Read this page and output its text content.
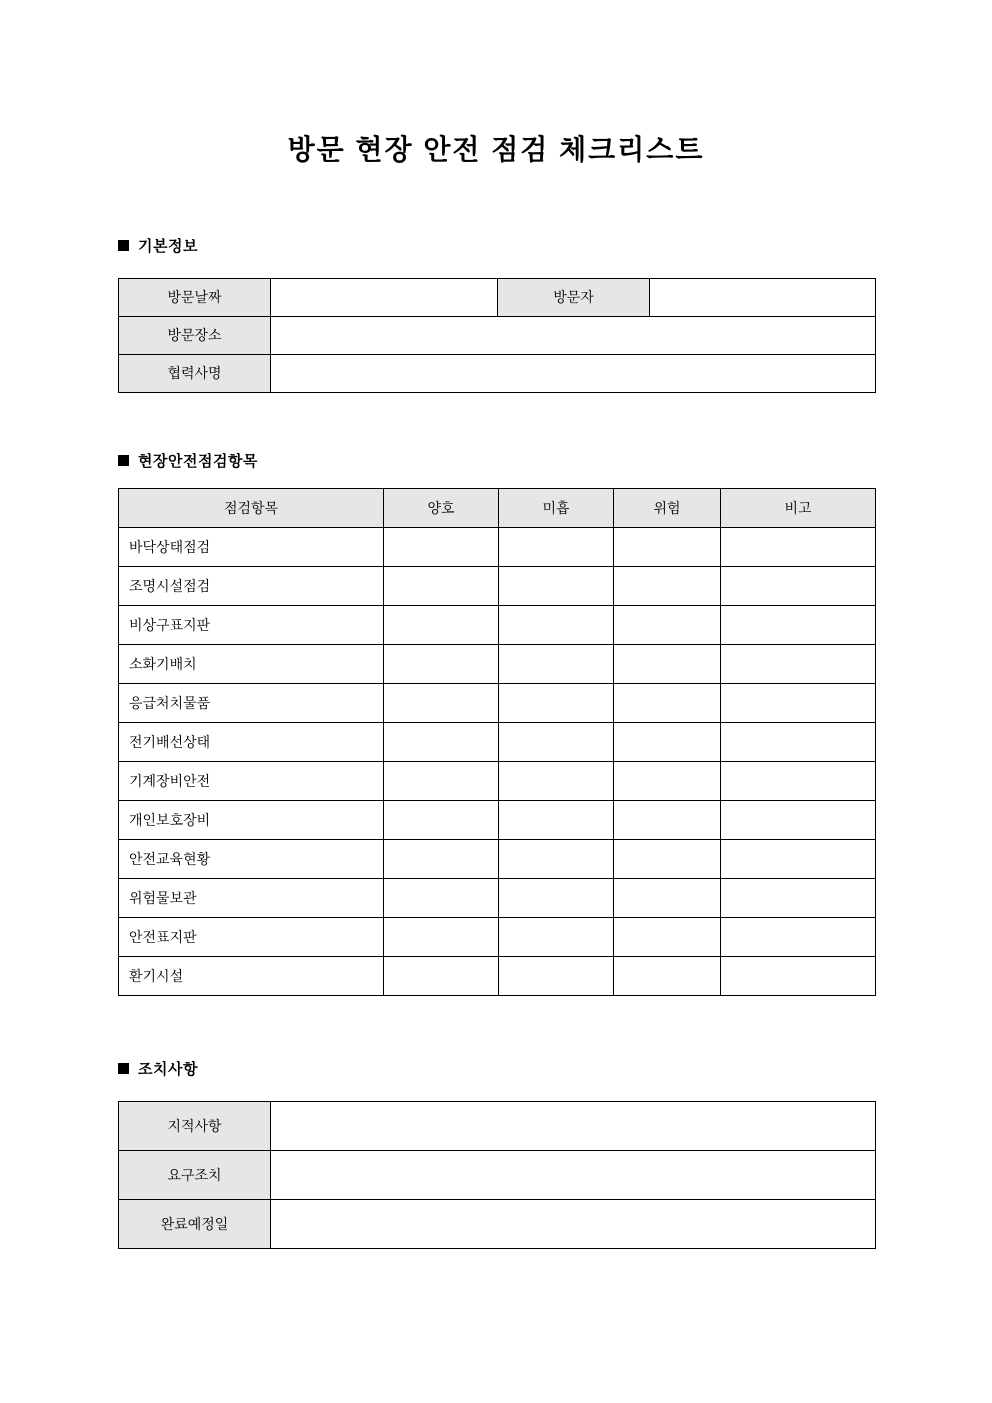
방문 현장 안전 점검 체크리스트
기본정보
방문날짜		방문자	
방문장소			
협력사명			
현장안전점검항목
점검항목	양호	미흡	위험	비고
바닥상태점검				
조명시설점검				
비상구표지판				
소화기배치				
응급처치물품				
전기배선상태				
기계장비안전				
개인보호장비				
안전교육현황				
위험물보관				
안전표지판				
환기시설				
조치사항
지적사항	
요구조치	
완료예정일	
